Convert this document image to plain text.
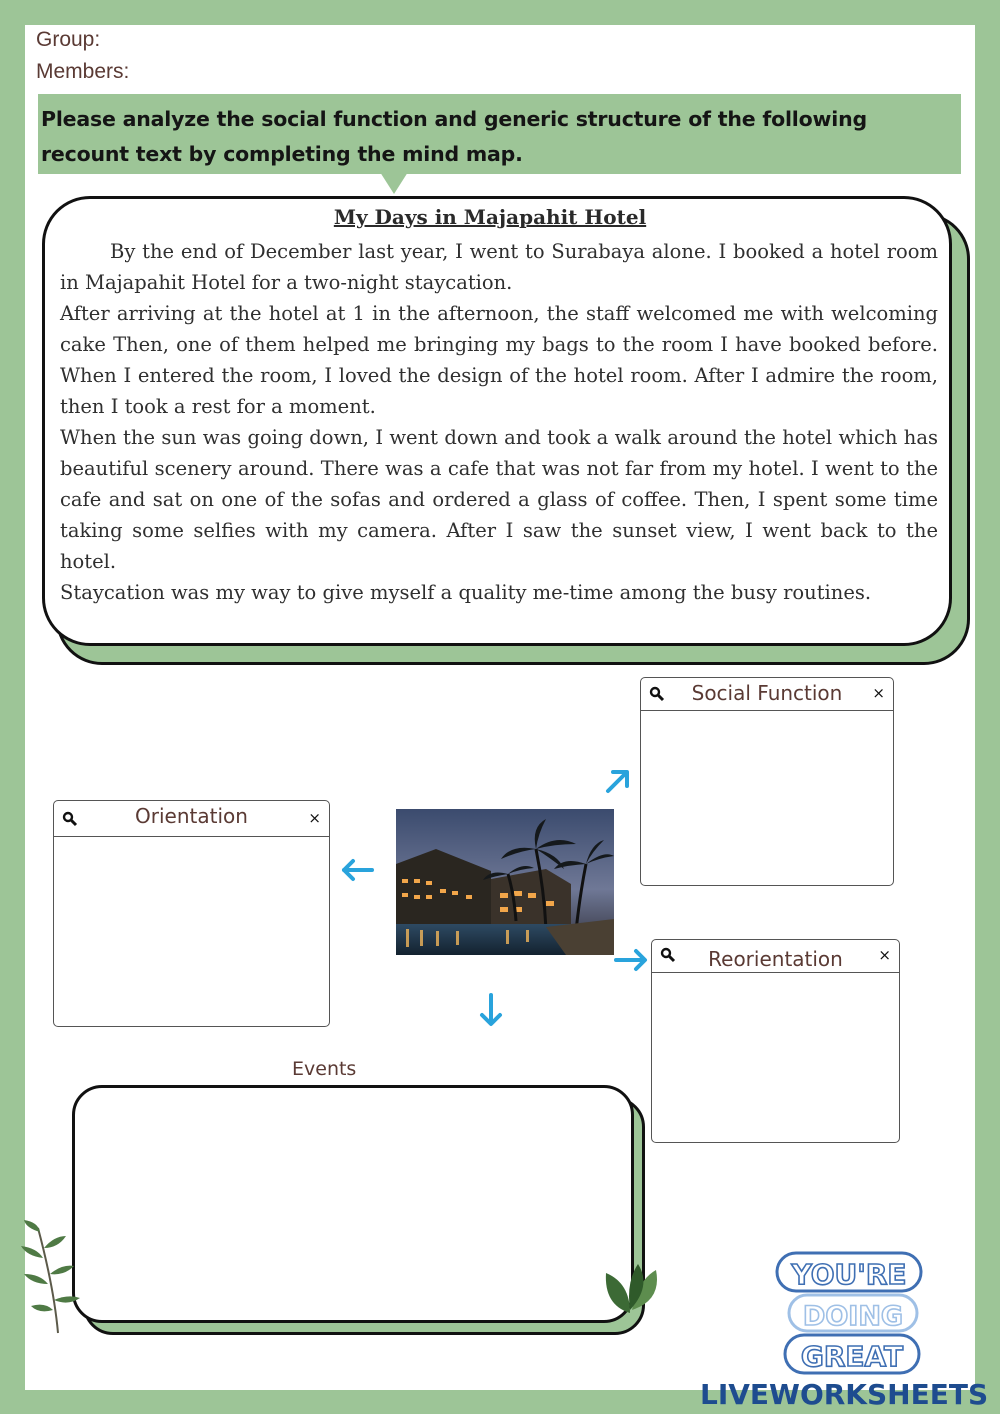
Group:
Members:
Please analyze the social function and generic structure of the following recount text by completing the mind map.
My Days in Majapahit Hotel

By the end of December last year, I went to Surabaya alone. I booked a hotel room in Majapahit Hotel for a two-night staycation.

After arriving at the hotel at 1 in the afternoon, the staff welcomed me with welcoming cake Then, one of them helped me bringing my bags to the room I have booked before. When I entered the room, I loved the design of the hotel room. After I admire the room, then I took a rest for a moment.

When the sun was going down, I went down and took a walk around the hotel which has beautiful scenery around. There was a cafe that was not far from my hotel. I went to the cafe and sat on one of the sofas and ordered a glass of coffee. Then, I spent some time taking some selfies with my camera. After I saw the sunset view, I went back to the hotel.

Staycation was my way to give myself a quality me-time among the busy routines.

Social Function	×
Orientation	×
Reorientation	×
Events
YOU'RE
DOING
GREAT
LIVEWORKSHEETS
